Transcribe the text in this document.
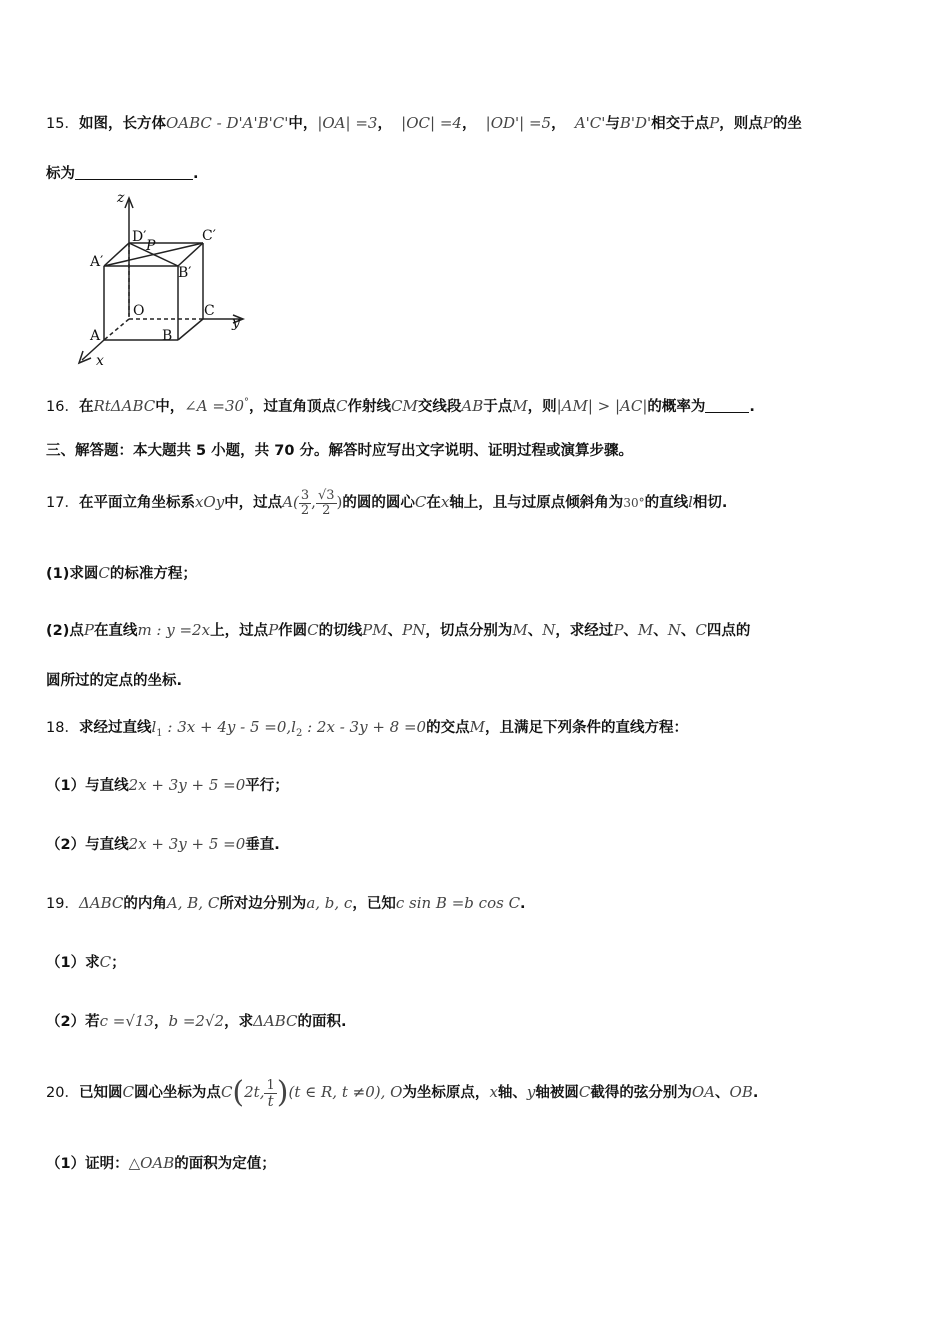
15．如图，长方体OABC - D'A'B'C'中，|OA| =3， |OC| =4， |OD'| =5， A'C'与B'D'相交于点P，则点P的坐
标为	.
z
D′
P
C′
A′
B′
O	C
y
A	B
x
16．在RtΔABC中，∠A =30°，过直角顶点C作射线CM交线段AB于点M，则|AM| > |AC|的概率为	.
三、解答题：本大题共 5 小题，共 70 分。解答时应写出文字说明、证明过程或演算步骤。
17．在平面立角坐标系xOy中，过点$A( \frac{3}{2}$ , $\frac{√3}{2}$ )的圆的圆心C在x轴上，且与过原点倾斜角为30°的直线l相切.
(1)求圆C的标准方程；
(2)点P在直线m : y =2x上，过点P作圆C的切线PM、PN，切点分别为M、N，求经过P、M、N、C四点的
圆所过的定点的坐标.
18．求经过直线$l_1$ : $3x + 4y - 5 =0,l_2$ : 2x - 3y + 8 =0的交点M，且满足下列条件的直线方程：
（1）与直线2x + 3y + 5 =0平行；
（2）与直线2x + 3y + 5 =0垂直.
19．ΔABC的内角A, B, C所对边分别为a, b, c，已知c sin B =b cos C.
（1）求C；
（2）若c =√13，b =2√2，求ΔABC的面积.
20．已知圆C圆心坐标为点C(2t, $\frac{1}{t} )(t$ ∈ R, t ≠0), O为坐标原点，x轴、y轴被圆C截得的弦分别为OA、OB.
（1）证明：△OAB的面积为定值；
